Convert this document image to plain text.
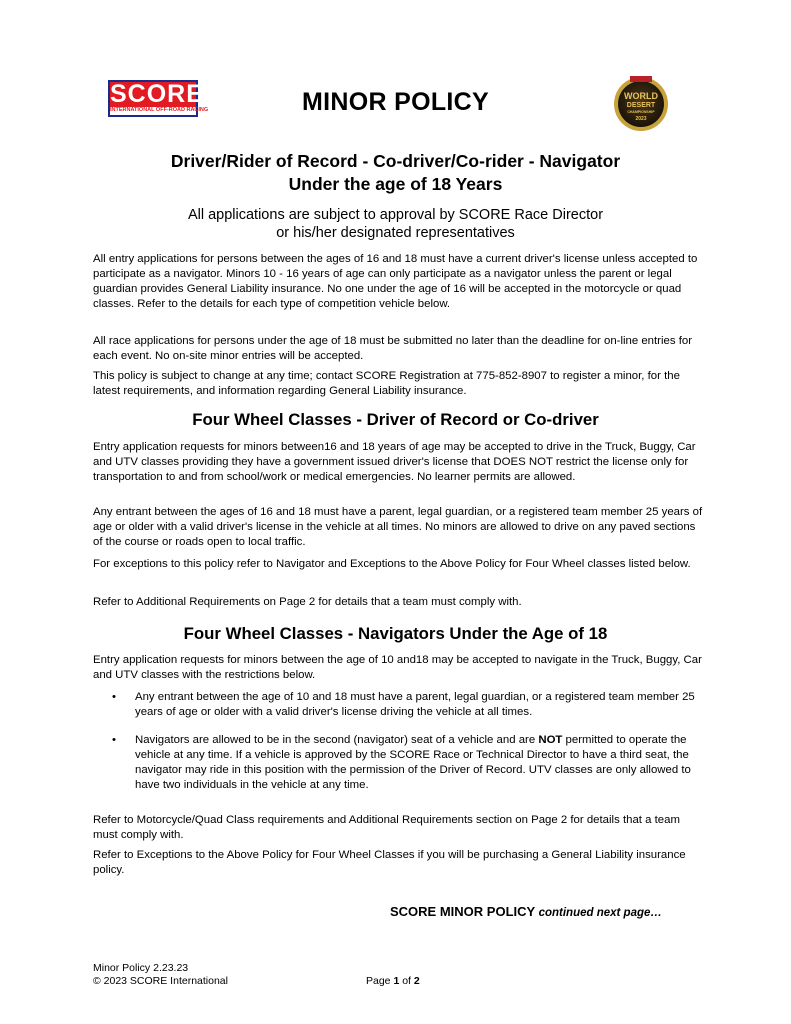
SCORE
INTERNATIONAL OFF-ROAD RACING	MINOR POLICY	WORLD
DESERT
CHAMPIONSHIP
2023
Driver/Rider of Record - Co-driver/Co-rider - Navigator
Under the age of 18 Years
All applications are subject to approval by SCORE Race Director
or his/her designated representatives

All entry applications for persons between the ages of 16 and 18 must have a current driver's license unless accepted to participate as a navigator. Minors 10 - 16 years of age can only participate as a navigator unless the parent or legal guardian provides General Liability insurance. No one under the age of 16 will be accepted in the motorcycle or quad classes. Refer to the details for each type of competition vehicle below.

All race applications for persons under the age of 18 must be submitted no later than the deadline for on-line entries for each event. No on-site minor entries will be accepted.

This policy is subject to change at any time; contact SCORE Registration at 775-852-8907 to register a minor, for the latest requirements, and information regarding General Liability insurance.

Four Wheel Classes - Driver of Record or Co-driver

Entry application requests for minors between16 and 18 years of age may be accepted to drive in the Truck, Buggy, Car and UTV classes providing they have a government issued driver's license that DOES NOT restrict the license only for transportation to and from school/work or medical emergencies. No learner permits are allowed.

Any entrant between the ages of 16 and 18 must have a parent, legal guardian, or a registered team member 25 years of age or older with a valid driver's license in the vehicle at all times. No minors are allowed to drive on any paved sections of the course or roads open to local traffic.

For exceptions to this policy refer to Navigator and Exceptions to the Above Policy for Four Wheel classes listed below.

Refer to Additional Requirements on Page 2 for details that a team must comply with.

Four Wheel Classes - Navigators Under the Age of 18

Entry application requests for minors between the age of 10 and18 may be accepted to navigate in the Truck, Buggy, Car and UTV classes with the restrictions below.

• Any entrant between the age of 10 and 18 must have a parent, legal guardian, or a registered team member 25 years of age or older with a valid driver's license driving the vehicle at all times.
• Navigators are allowed to be in the second (navigator) seat of a vehicle and are NOT permitted to operate the vehicle at any time. If a vehicle is approved by the SCORE Race or Technical Director to have a third seat, the navigator may ride in this position with the permission of the Driver of Record. UTV classes are only allowed to have two individuals in the vehicle at any time.

Refer to Motorcycle/Quad Class requirements and Additional Requirements section on Page 2 for details that a team must comply with.

Refer to Exceptions to the Above Policy for Four Wheel Classes if you will be purchasing a General Liability insurance policy.

SCORE MINOR POLICY continued next page…
Minor Policy 2.23.23
© 2023 SCORE International	Page 1 of 2
